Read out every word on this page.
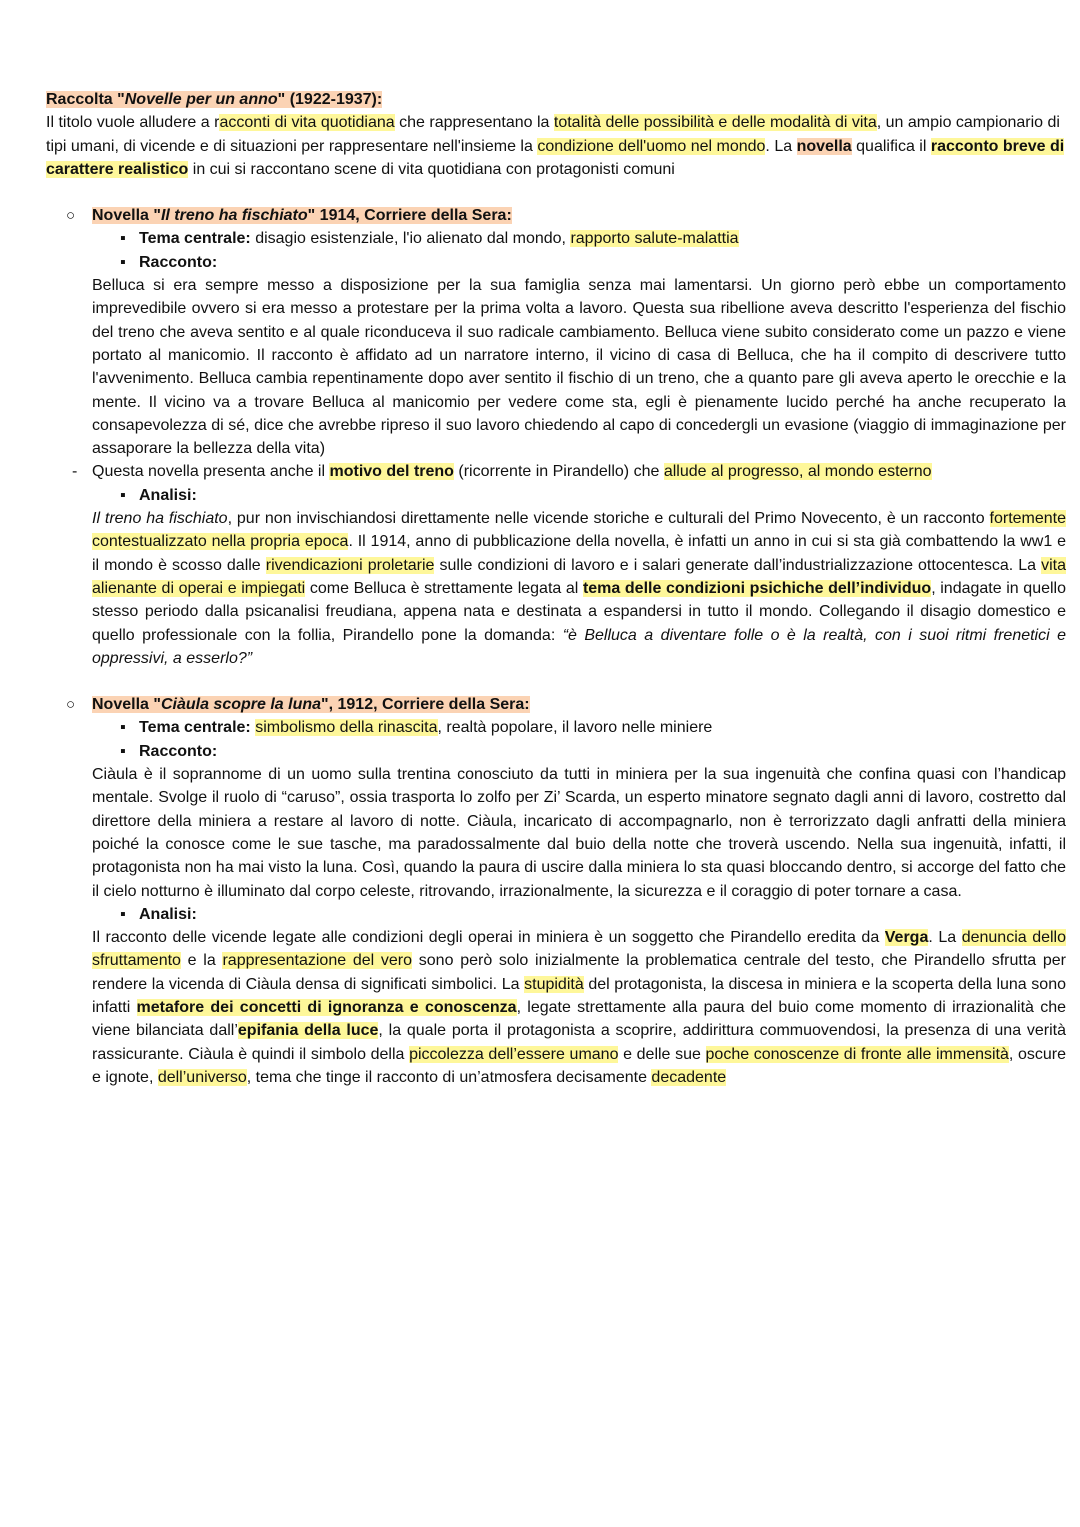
Raccolta "Novelle per un anno" (1922-1937):

Il titolo vuole alludere a racconti di vita quotidiana che rappresentano la totalità delle possibilità e delle modalità di vita, un ampio campionario di tipi umani, di vicende e di situazioni per rappresentare nell'insieme la condizione dell'uomo nel mondo. La novella qualifica il racconto breve di carattere realistico in cui si raccontano scene di vita quotidiana con protagonisti comuni

○ Novella "Il treno ha fischiato" 1914, Corriere della Sera:

▪ Tema centrale: disagio esistenziale, l'io alienato dal mondo, rapporto salute-malattia

▪ Racconto:

Belluca si era sempre messo a disposizione per la sua famiglia senza mai lamentarsi. Un giorno però ebbe un comportamento imprevedibile ovvero si era messo a protestare per la prima volta a lavoro. Questa sua ribellione aveva descritto l'esperienza del fischio del treno che aveva sentito e al quale riconduceva il suo radicale cambiamento. Belluca viene subito considerato come un pazzo e viene portato al manicomio. Il racconto è affidato ad un narratore interno, il vicino di casa di Belluca, che ha il compito di descrivere tutto l'avvenimento. Belluca cambia repentinamente dopo aver sentito il fischio di un treno, che a quanto pare gli aveva aperto le orecchie e la mente. Il vicino va a trovare Belluca al manicomio per vedere come sta, egli è pienamente lucido perché ha anche recuperato la consapevolezza di sé, dice che avrebbe ripreso il suo lavoro chiedendo al capo di concedergli un evasione (viaggio di immaginazione per assaporare la bellezza della vita)

- Questa novella presenta anche il motivo del treno (ricorrente in Pirandello) che allude al progresso, al mondo esterno

▪ Analisi:

Il treno ha fischiato, pur non invischiandosi direttamente nelle vicende storiche e culturali del Primo Novecento, è un racconto fortemente contestualizzato nella propria epoca. Il 1914, anno di pubblicazione della novella, è infatti un anno in cui si sta già combattendo la ww1 e il mondo è scosso dalle rivendicazioni proletarie sulle condizioni di lavoro e i salari generate dall’industrializzazione ottocentesca. La vita alienante di operai e impiegati come Belluca è strettamente legata al tema delle condizioni psichiche dell’individuo, indagate in quello stesso periodo dalla psicanalisi freudiana, appena nata e destinata a espandersi in tutto il mondo. Collegando il disagio domestico e quello professionale con la follia, Pirandello pone la domanda: “è Belluca a diventare folle o è la realtà, con i suoi ritmi frenetici e oppressivi, a esserlo?”

○ Novella "Ciàula scopre la luna", 1912, Corriere della Sera:

▪ Tema centrale: simbolismo della rinascita, realtà popolare, il lavoro nelle miniere

▪ Racconto:

Ciàula è il soprannome di un uomo sulla trentina conosciuto da tutti in miniera per la sua ingenuità che confina quasi con l’handicap mentale. Svolge il ruolo di “caruso”, ossia trasporta lo zolfo per Zi’ Scarda, un esperto minatore segnato dagli anni di lavoro, costretto dal direttore della miniera a restare al lavoro di notte. Ciàula, incaricato di accompagnarlo, non è terrorizzato dagli anfratti della miniera poiché la conosce come le sue tasche, ma paradossalmente dal buio della notte che troverà uscendo. Nella sua ingenuità, infatti, il protagonista non ha mai visto la luna. Così, quando la paura di uscire dalla miniera lo sta quasi bloccando dentro, si accorge del fatto che il cielo notturno è illuminato dal corpo celeste, ritrovando, irrazionalmente, la sicurezza e il coraggio di poter tornare a casa.

▪ Analisi:

Il racconto delle vicende legate alle condizioni degli operai in miniera è un soggetto che Pirandello eredita da Verga. La denuncia dello sfruttamento e la rappresentazione del vero sono però solo inizialmente la problematica centrale del testo, che Pirandello sfrutta per rendere la vicenda di Ciàula densa di significati simbolici. La stupidità del protagonista, la discesa in miniera e la scoperta della luna sono infatti metafore dei concetti di ignoranza e conoscenza, legate strettamente alla paura del buio come momento di irrazionalità che viene bilanciata dall’epifania della luce, la quale porta il protagonista a scoprire, addirittura commuovendosi, la presenza di una verità rassicurante. Ciàula è quindi il simbolo della piccolezza dell’essere umano e delle sue poche conoscenze di fronte alle immensità, oscure e ignote, dell’universo, tema che tinge il racconto di un’atmosfera decisamente decadente
